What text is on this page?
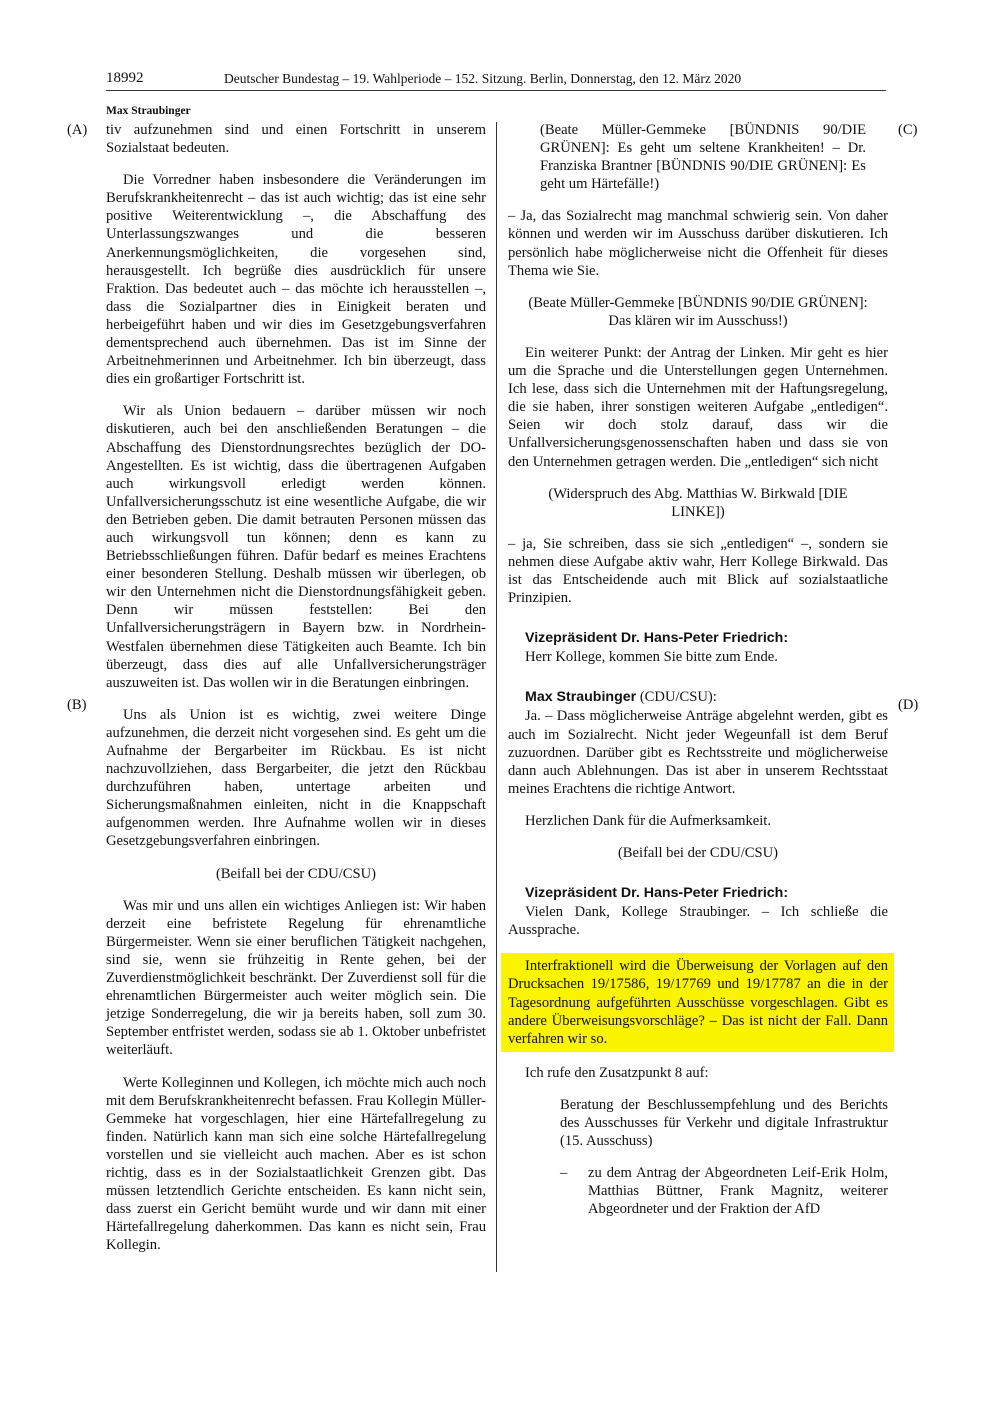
18992	Deutscher Bundestag – 19. Wahlperiode – 152. Sitzung. Berlin, Donnerstag, den 12. März 2020
Max Straubinger
(A)
(B)
(C)
(D)

tiv aufzunehmen sind und einen Fortschritt in unserem Sozialstaat bedeuten.

Die Vorredner haben insbesondere die Veränderungen im Berufskrankheitenrecht – das ist auch wichtig; das ist eine sehr positive Weiterentwicklung –, die Abschaffung des Unterlassungszwanges und die besseren Anerkennungsmöglichkeiten, die vorgesehen sind, herausgestellt. Ich begrüße dies ausdrücklich für unsere Fraktion. Das bedeutet auch – das möchte ich herausstellen –, dass die Sozialpartner dies in Einigkeit beraten und herbeigeführt haben und wir dies im Gesetzgebungsverfahren dementsprechend auch übernehmen. Das ist im Sinne der Arbeitnehmerinnen und Arbeitnehmer. Ich bin überzeugt, dass dies ein großartiger Fortschritt ist.

Wir als Union bedauern – darüber müssen wir noch diskutieren, auch bei den anschließenden Beratungen – die Abschaffung des Dienstordnungsrechtes bezüglich der DO-Angestellten. Es ist wichtig, dass die übertragenen Aufgaben auch wirkungsvoll erledigt werden können. Unfallversicherungsschutz ist eine wesentliche Aufgabe, die wir den Betrieben geben. Die damit betrauten Personen müssen das auch wirkungsvoll tun können; denn es kann zu Betriebsschließungen führen. Dafür bedarf es meines Erachtens einer besonderen Stellung. Deshalb müssen wir überlegen, ob wir den Unternehmen nicht die Dienstordnungsfähigkeit geben. Denn wir müssen feststellen: Bei den Unfallversicherungsträgern in Bayern bzw. in Nordrhein-Westfalen übernehmen diese Tätigkeiten auch Beamte. Ich bin überzeugt, dass dies auf alle Unfallversicherungsträger auszuweiten ist. Das wollen wir in die Beratungen einbringen.

Uns als Union ist es wichtig, zwei weitere Dinge aufzunehmen, die derzeit nicht vorgesehen sind. Es geht um die Aufnahme der Bergarbeiter im Rückbau. Es ist nicht nachzuvollziehen, dass Bergarbeiter, die jetzt den Rückbau durchzuführen haben, untertage arbeiten und Sicherungsmaßnahmen einleiten, nicht in die Knappschaft aufgenommen werden. Ihre Aufnahme wollen wir in dieses Gesetzgebungsverfahren einbringen.

(Beifall bei der CDU/CSU)

Was mir und uns allen ein wichtiges Anliegen ist: Wir haben derzeit eine befristete Regelung für ehrenamtliche Bürgermeister. Wenn sie einer beruflichen Tätigkeit nachgehen, sind sie, wenn sie frühzeitig in Rente gehen, bei der Zuverdienstmöglichkeit beschränkt. Der Zuverdienst soll für die ehrenamtlichen Bürgermeister auch weiter möglich sein. Die jetzige Sonderregelung, die wir ja bereits haben, soll zum 30. September entfristet werden, sodass sie ab 1. Oktober unbefristet weiterläuft.

Werte Kolleginnen und Kollegen, ich möchte mich auch noch mit dem Berufskrankheitenrecht befassen. Frau Kollegin Müller-Gemmeke hat vorgeschlagen, hier eine Härtefallregelung zu finden. Natürlich kann man sich eine solche Härtefallregelung vorstellen und sie vielleicht auch machen. Aber es ist schon richtig, dass es in der Sozialstaatlichkeit Grenzen gibt. Das müssen letztendlich Gerichte entscheiden. Es kann nicht sein, dass zuerst ein Gericht bemüht wurde und wir dann mit einer Härtefallregelung daherkommen. Das kann es nicht sein, Frau Kollegin.

(Beate Müller-Gemmeke [BÜNDNIS 90/DIE GRÜNEN]: Es geht um seltene Krankheiten! – Dr. Franziska Brantner [BÜNDNIS 90/DIE GRÜNEN]: Es geht um Härtefälle!)

– Ja, das Sozialrecht mag manchmal schwierig sein. Von daher können und werden wir im Ausschuss darüber diskutieren. Ich persönlich habe möglicherweise nicht die Offenheit für dieses Thema wie Sie.

(Beate Müller-Gemmeke [BÜNDNIS 90/DIE GRÜNEN]: Das klären wir im Ausschuss!)

Ein weiterer Punkt: der Antrag der Linken. Mir geht es hier um die Sprache und die Unterstellungen gegen Unternehmen. Ich lese, dass sich die Unternehmen mit der Haftungsregelung, die sie haben, ihrer sonstigen weiteren Aufgabe „entledigen“. Seien wir doch stolz darauf, dass wir die Unfallversicherungsgenossenschaften haben und dass sie von den Unternehmen getragen werden. Die „entledigen“ sich nicht

(Widerspruch des Abg. Matthias W. Birkwald [DIE LINKE])

– ja, Sie schreiben, dass sie sich „entledigen“ –, sondern sie nehmen diese Aufgabe aktiv wahr, Herr Kollege Birkwald. Das ist das Entscheidende auch mit Blick auf sozialstaatliche Prinzipien.

Vizepräsident Dr. Hans-Peter Friedrich:

Herr Kollege, kommen Sie bitte zum Ende.

Max Straubinger (CDU/CSU):

Ja. – Dass möglicherweise Anträge abgelehnt werden, gibt es auch im Sozialrecht. Nicht jeder Wegeunfall ist dem Beruf zuzuordnen. Darüber gibt es Rechtsstreite und möglicherweise dann auch Ablehnungen. Das ist aber in unserem Rechtsstaat meines Erachtens die richtige Antwort.

Herzlichen Dank für die Aufmerksamkeit.

(Beifall bei der CDU/CSU)
Vizepräsident Dr. Hans-Peter Friedrich:

Vielen Dank, Kollege Straubinger. – Ich schließe die Aussprache.

Interfraktionell wird die Überweisung der Vorlagen auf den Drucksachen 19/17586, 19/17769 und 19/17787 an die in der Tagesordnung aufgeführten Ausschüsse vorgeschlagen. Gibt es andere Überweisungsvorschläge? – Das ist nicht der Fall. Dann verfahren wir so.

Ich rufe den Zusatzpunkt 8 auf:

Beratung der Beschlussempfehlung und des Berichts des Ausschusses für Verkehr und digitale Infrastruktur (15. Ausschuss)

– zu dem Antrag der Abgeordneten Leif-Erik Holm, Matthias Büttner, Frank Magnitz, weiterer Abgeordneter und der Fraktion der AfD
